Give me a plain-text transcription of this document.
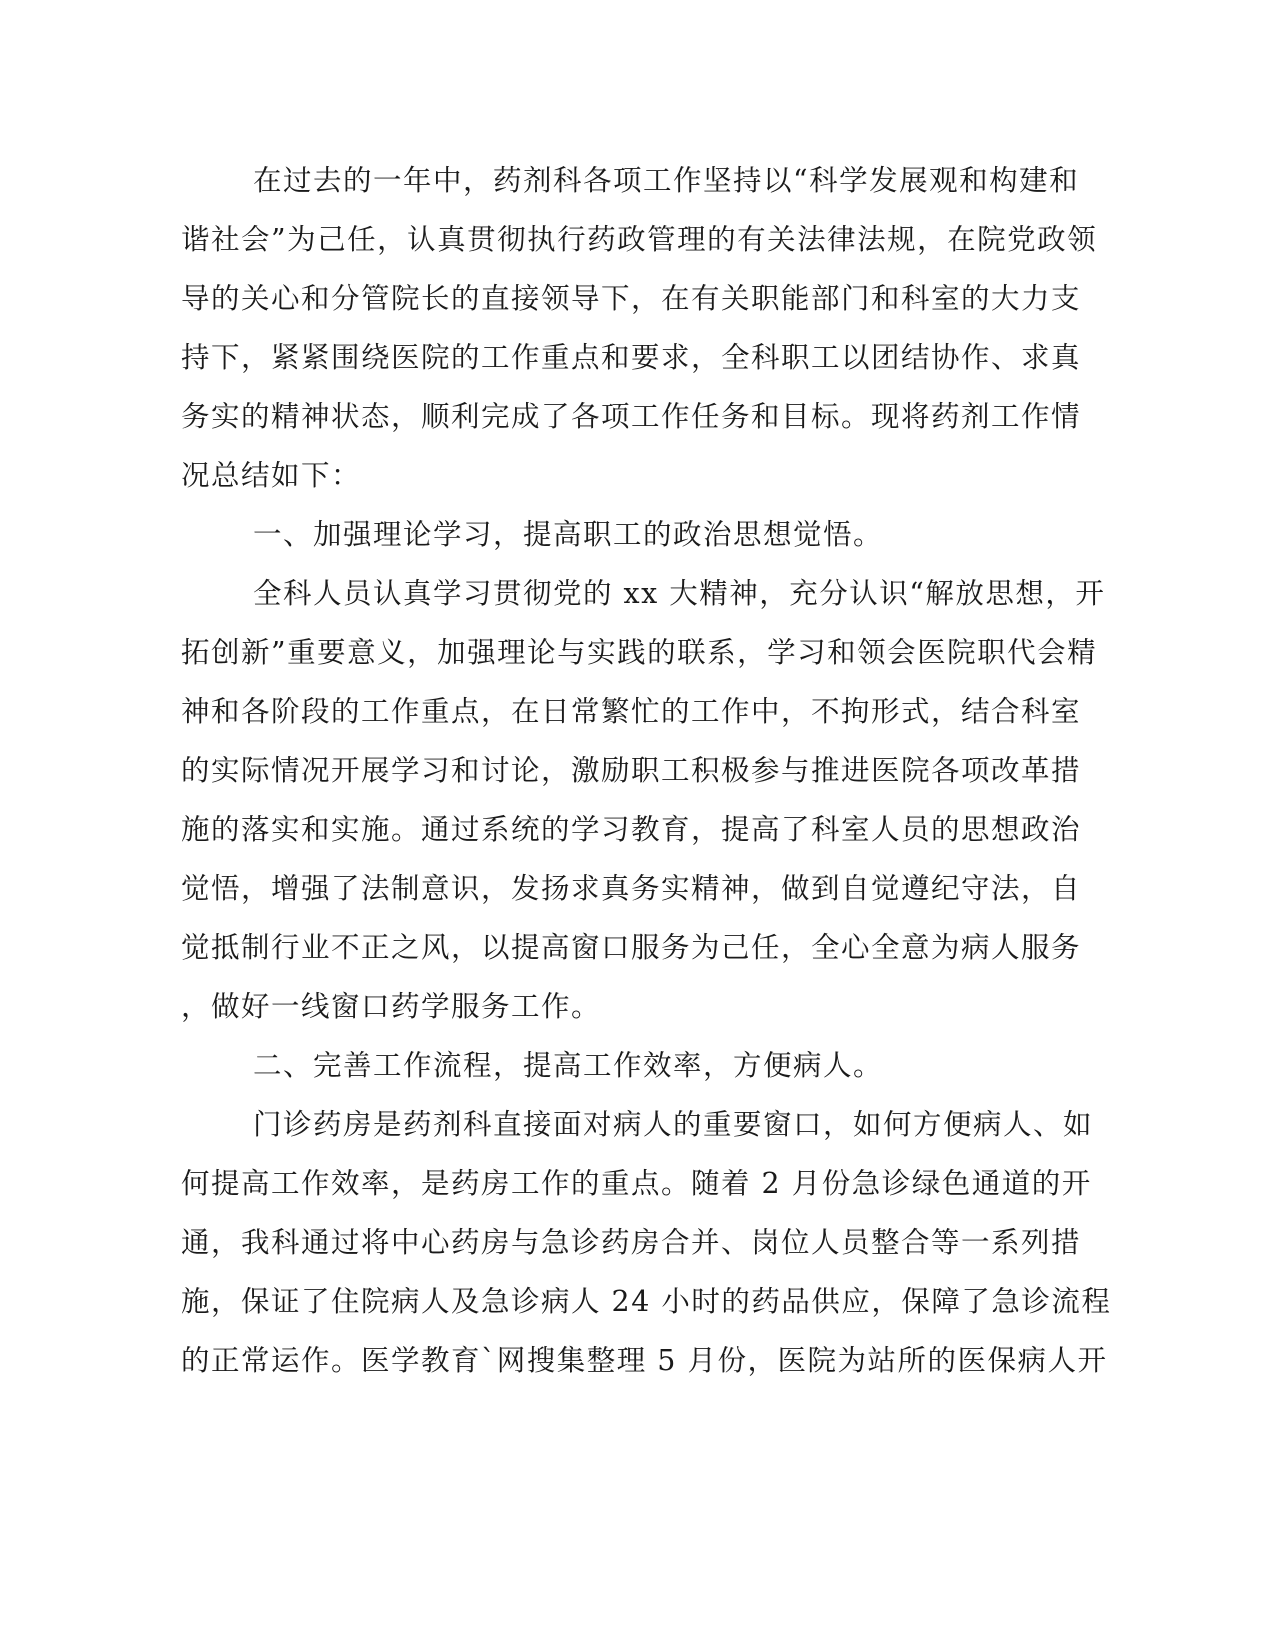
在过去的一年中，药剂科各项工作坚持以“科学发展观和构建和
谐社会”为己任，认真贯彻执行药政管理的有关法律法规，在院党政领
导的关心和分管院长的直接领导下，在有关职能部门和科室的大力支
持下，紧紧围绕医院的工作重点和要求，全科职工以团结协作、求真
务实的精神状态，顺利完成了各项工作任务和目标。现将药剂工作情
况总结如下：
一、加强理论学习，提高职工的政治思想觉悟。
全科人员认真学习贯彻党的 xx 大精神，充分认识“解放思想，开
拓创新”重要意义，加强理论与实践的联系，学习和领会医院职代会精
神和各阶段的工作重点，在日常繁忙的工作中，不拘形式，结合科室
的实际情况开展学习和讨论，激励职工积极参与推进医院各项改革措
施的落实和实施。通过系统的学习教育，提高了科室人员的思想政治
觉悟，增强了法制意识，发扬求真务实精神，做到自觉遵纪守法，自
觉抵制行业不正之风，以提高窗口服务为己任，全心全意为病人服务
，做好一线窗口药学服务工作。
二、完善工作流程，提高工作效率，方便病人。
门诊药房是药剂科直接面对病人的重要窗口，如何方便病人、如
何提高工作效率，是药房工作的重点。随着 2 月份急诊绿色通道的开
通，我科通过将中心药房与急诊药房合并、岗位人员整合等一系列措
施，保证了住院病人及急诊病人 24 小时的药品供应，保障了急诊流程
的正常运作。医学教育`网搜集整理 5 月份，医院为站所的医保病人开
